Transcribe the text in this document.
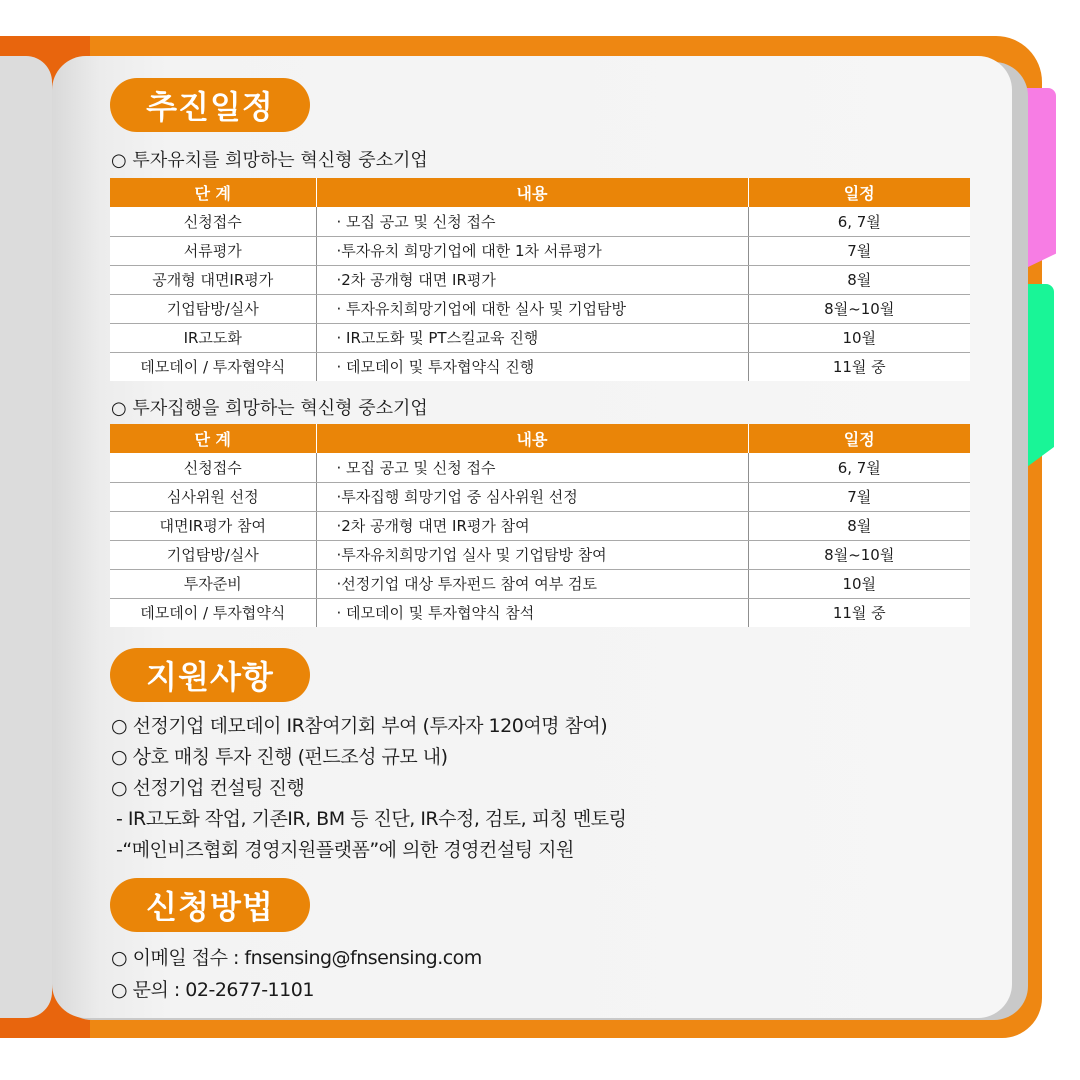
추진일정
○ 투자유치를 희망하는 혁신형 중소기업
단 계	내용	일정
신청접수	· 모집 공고 및 신청 접수	6, 7월
서류평가	·투자유치 희망기업에 대한 1차 서류평가	7월
공개형 대면IR평가	·2차 공개형 대면 IR평가	8월
기업탐방/실사	· 투자유치희망기업에 대한 실사 및 기업탐방	8월~10월
IR고도화	· IR고도화 및 PT스킬교육 진행	10월
데모데이 / 투자협약식	· 데모데이 및 투자협약식 진행	11월 중
○ 투자집행을 희망하는 혁신형 중소기업
단 계	내용	일정
신청접수	· 모집 공고 및 신청 접수	6, 7월
심사위원 선정	·투자집행 희망기업 중 심사위원 선정	7월
대면IR평가 참여	·2차 공개형 대면 IR평가 참여	8월
기업탐방/실사	·투자유치희망기업 실사 및 기업탐방 참여	8월~10월
투자준비	·선정기업 대상 투자펀드 참여 여부 검토	10월
데모데이 / 투자협약식	· 데모데이 및 투자협약식 참석	11월 중
지원사항
○ 선정기업 데모데이 IR참여기회 부여 (투자자 120여명 참여)
○ 상호 매칭 투자 진행 (펀드조성 규모 내)
○ 선정기업 컨설팅 진행
- IR고도화 작업, 기존IR, BM 등 진단, IR수정, 검토, 피칭 멘토링
-“메인비즈협회 경영지원플랫폼”에 의한 경영컨설팅 지원
신청방법
○ 이메일 접수 : fnsensing@fnsensing.com
○ 문의 : 02-2677-1101
